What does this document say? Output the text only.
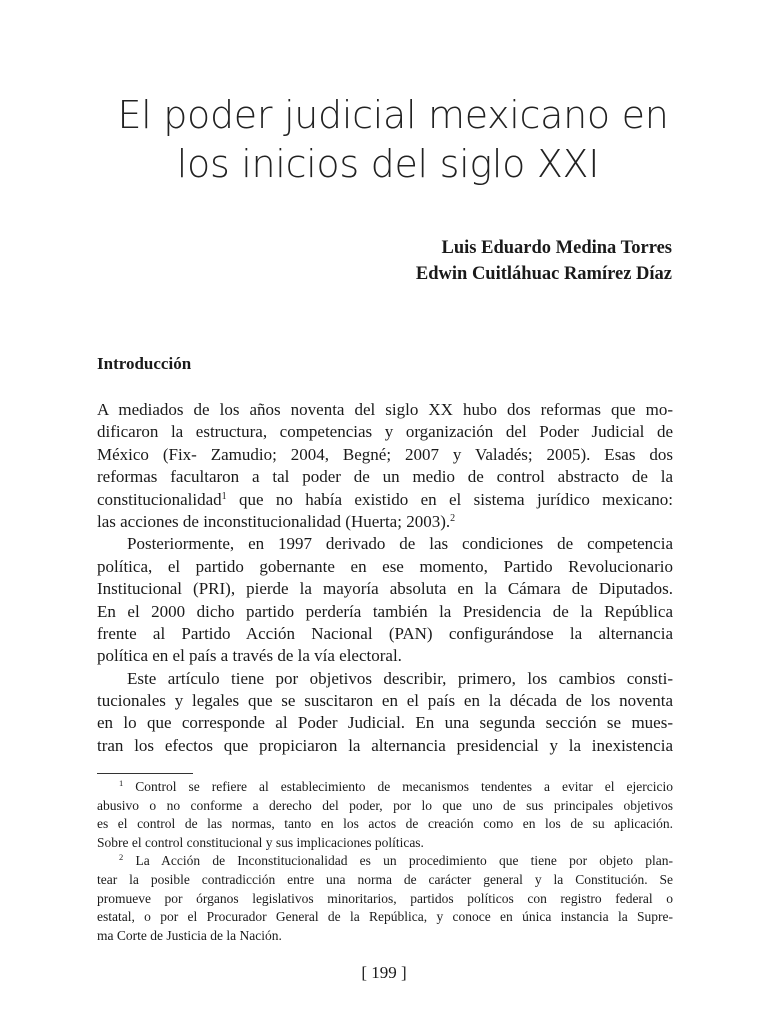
El poder judicial mexicano en
los inicios del siglo XXI
Luis Eduardo Medina Torres
Edwin Cuitláhuac Ramírez Díaz
Introducción
A mediados de los años noventa del siglo XX hubo dos reformas que mo-
dificaron la estructura, competencias y organización del Poder Judicial de
México (Fix- Zamudio; 2004, Begné; 2007 y Valadés; 2005). Esas dos
reformas facultaron a tal poder de un medio de control abstracto de la
constitucionalidad$^1$ que no había existido en el sistema jurídico mexicano:
las acciones de inconstitucionalidad (Huerta; 2003).$^2$
Posteriormente, en 1997 derivado de las condiciones de competencia
política, el partido gobernante en ese momento, Partido Revolucionario
Institucional (PRI), pierde la mayoría absoluta en la Cámara de Diputados.
En el 2000 dicho partido perdería también la Presidencia de la República
frente al Partido Acción Nacional (PAN) configurándose la alternancia
política en el país a través de la vía electoral.
Este artículo tiene por objetivos describir, primero, los cambios consti-
tucionales y legales que se suscitaron en el país en la década de los noventa
en lo que corresponde al Poder Judicial. En una segunda sección se mues-
tran los efectos que propiciaron la alternancia presidencial y la inexistencia
$^1$ Control se refiere al establecimiento de mecanismos tendentes a evitar el ejercicio
abusivo o no conforme a derecho del poder, por lo que uno de sus principales objetivos
es el control de las normas, tanto en los actos de creación como en los de su aplicación.
Sobre el control constitucional y sus implicaciones políticas.
$^2$ La Acción de Inconstitucionalidad es un procedimiento que tiene por objeto plan-
tear la posible contradicción entre una norma de carácter general y la Constitución. Se
promueve por órganos legislativos minoritarios, partidos políticos con registro federal o
estatal, o por el Procurador General de la República, y conoce en única instancia la Supre-
ma Corte de Justicia de la Nación.
[ 199 ]
